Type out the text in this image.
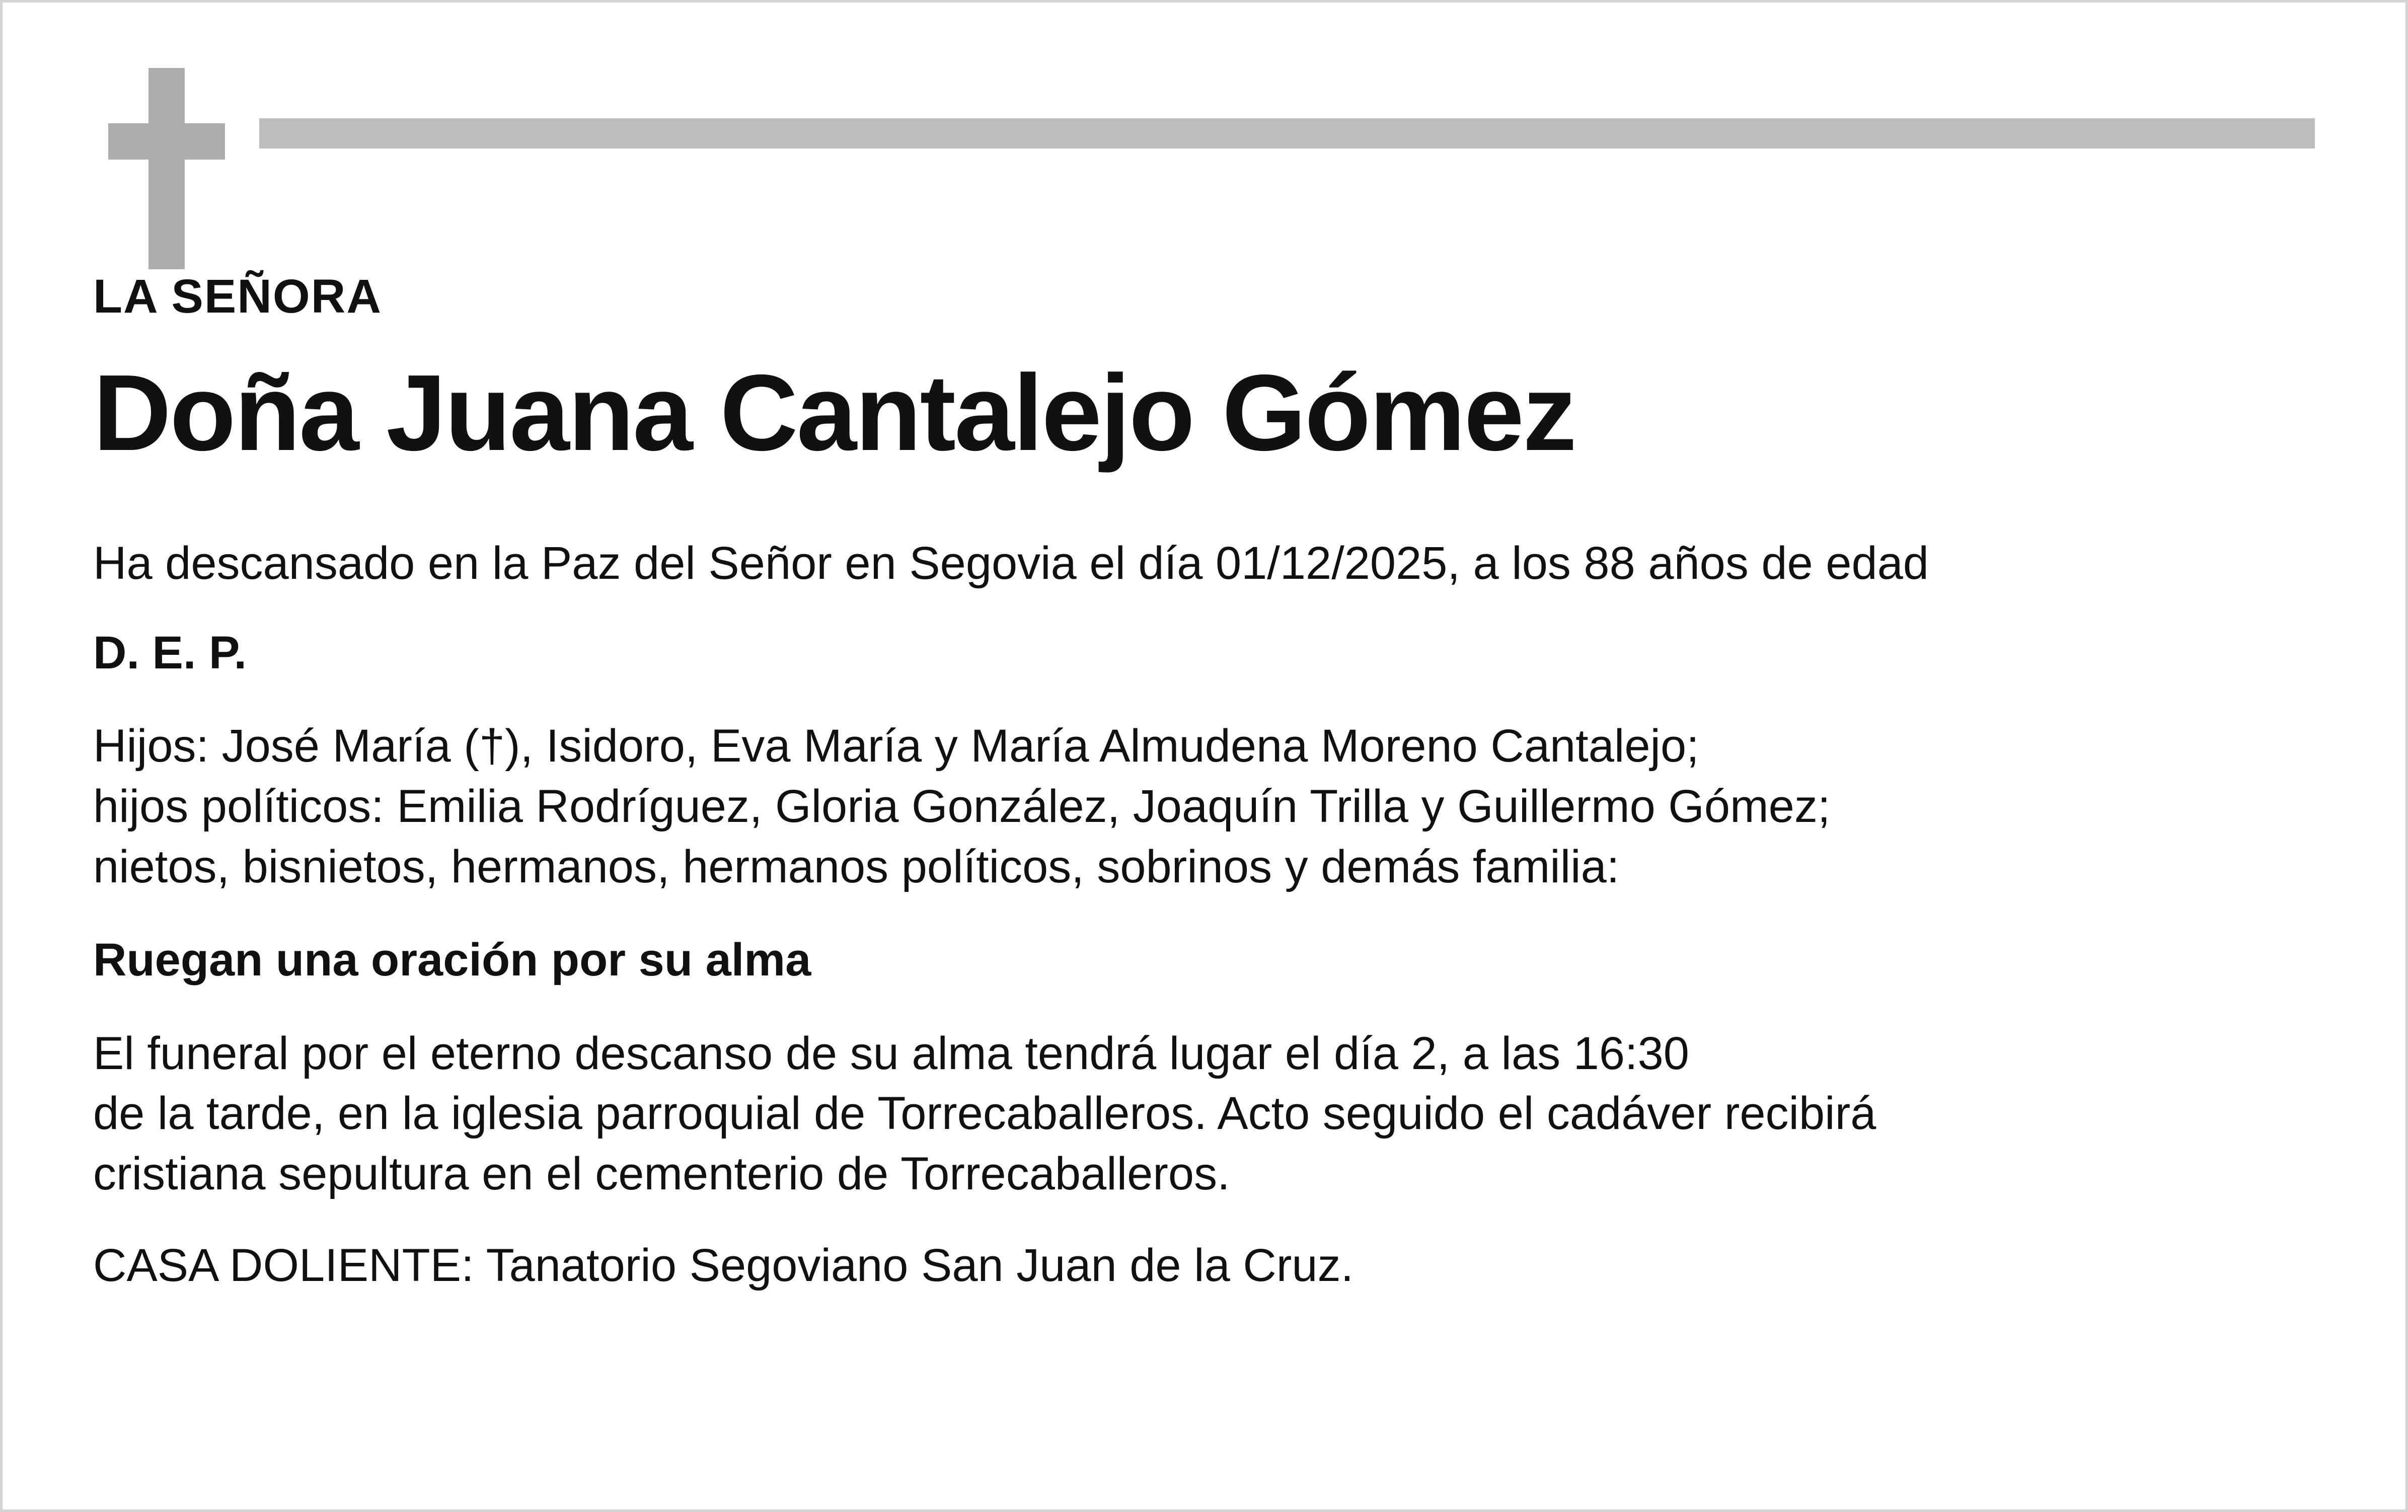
LA SEÑORA
Doña Juana Cantalejo Gómez
Ha descansado en la Paz del Señor en Segovia el día 01/12/2025, a los 88 años de edad
D. E. P.
Hijos: José María (†), Isidoro, Eva María y María Almudena Moreno Cantalejo;
hijos políticos: Emilia Rodríguez, Gloria González, Joaquín Trilla y Guillermo Gómez;
nietos, bisnietos, hermanos, hermanos políticos, sobrinos y demás familia:
Ruegan una oración por su alma
El funeral por el eterno descanso de su alma tendrá lugar el día 2, a las 16:30
de la tarde, en la iglesia parroquial de Torrecaballeros. Acto seguido el cadáver recibirá
cristiana sepultura en el cementerio de Torrecaballeros.
CASA DOLIENTE: Tanatorio Segoviano San Juan de la Cruz.
